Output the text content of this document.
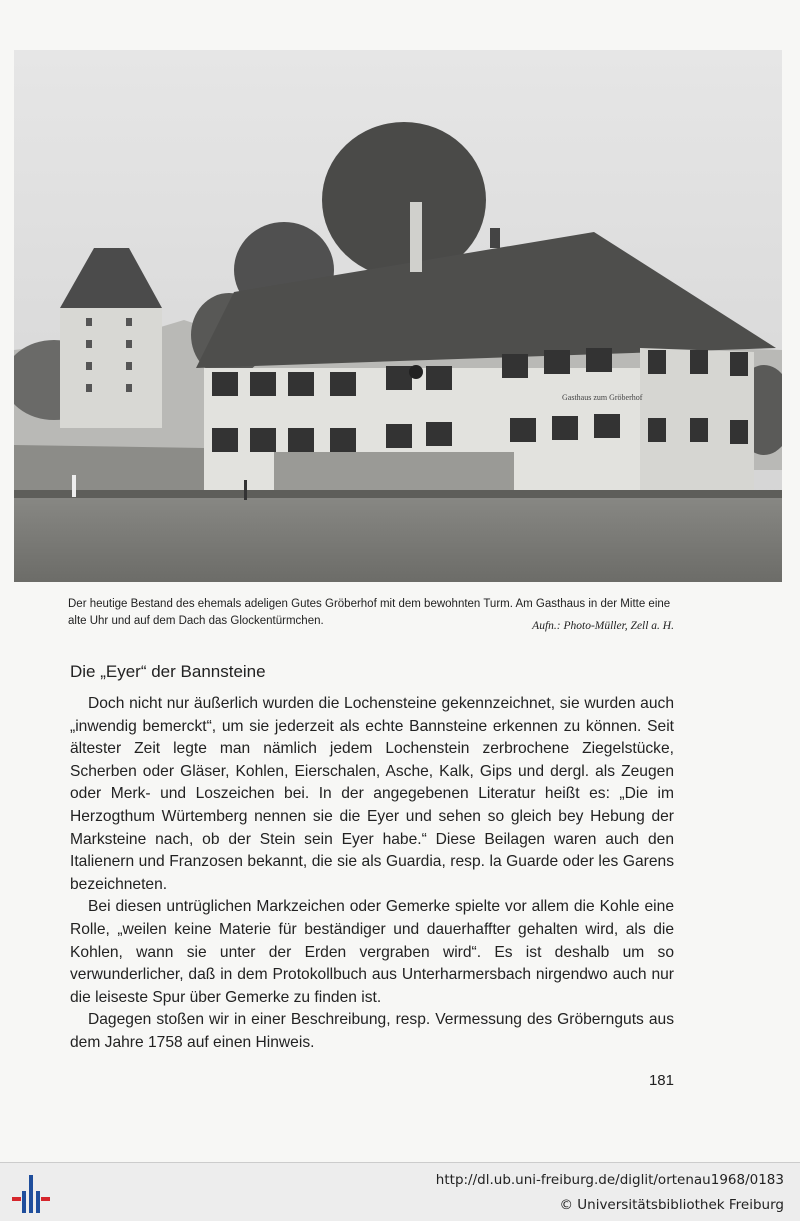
Gasthaus zum Gröberhof
Der heutige Bestand des ehemals adeligen Gutes Gröberhof mit dem bewohnten Turm. Am Gasthaus in der Mitte eine alte Uhr und auf dem Dach das Glockentürmchen.	Aufn.: Photo-Müller, Zell a. H.
Die „Eyer“ der Bannsteine

Doch nicht nur äußerlich wurden die Lochensteine gekennzeichnet, sie wurden auch „inwendig bemerckt“, um sie jederzeit als echte Bannsteine erkennen zu können. Seit ältester Zeit legte man nämlich jedem Lochenstein zerbrochene Ziegelstücke, Scherben oder Gläser, Kohlen, Eierschalen, Asche, Kalk, Gips und dergl. als Zeugen oder Merk- und Loszeichen bei. In der angegebenen Literatur heißt es: „Die im Herzogthum Würtemberg nennen sie die Eyer und sehen so gleich bey Hebung der Marksteine nach, ob der Stein sein Eyer habe.“ Diese Beilagen waren auch den Italienern und Franzosen bekannt, die sie als Guardia, resp. la Guarde oder les Garens bezeichneten.

Bei diesen untrüglichen Markzeichen oder Gemerke spielte vor allem die Kohle eine Rolle, „weilen keine Materie für beständiger und dauerhaffter gehalten wird, als die Kohlen, wann sie unter der Erden vergraben wird“. Es ist deshalb um so verwunderlicher, daß in dem Protokollbuch aus Unterharmersbach nirgendwo auch nur die leiseste Spur über Gemerke zu finden ist.

Dagegen stoßen wir in einer Beschreibung, resp. Vermessung des Gröbernguts aus dem Jahre 1758 auf einen Hinweis.

181
http://dl.ub.uni-freiburg.de/diglit/ortenau1968/0183
© Universitätsbibliothek Freiburg
